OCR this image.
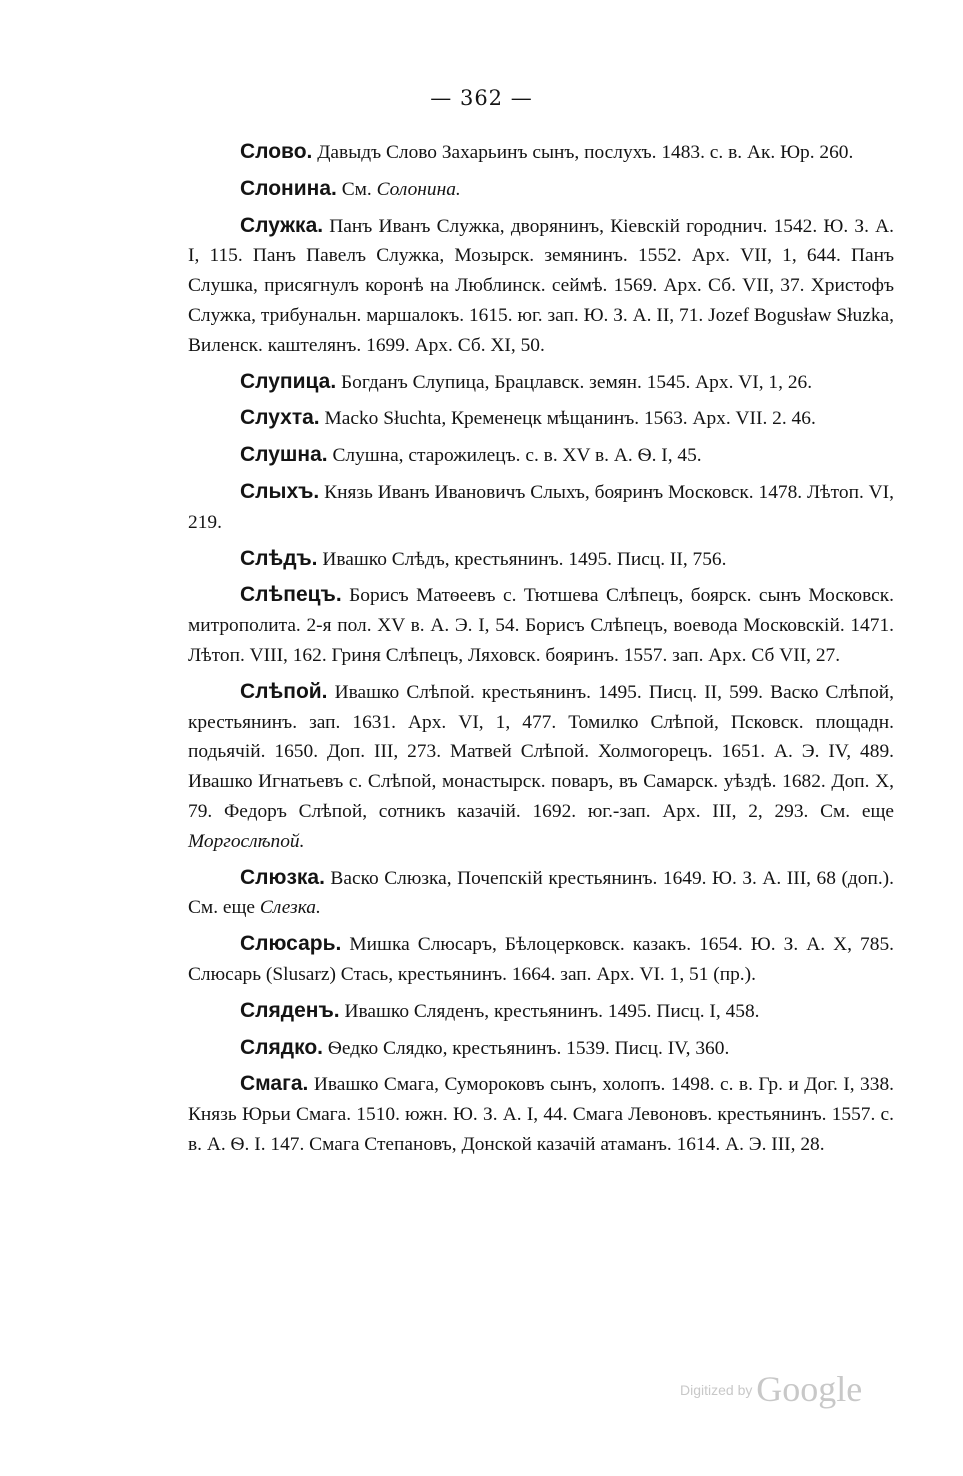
— 362 —

Слово. Давыдъ Слово Захарьинъ сынъ, послухъ. 1483. с. в. Ак. Юр. 260.

Слонина. См. Солонина.

Служка. Панъ Иванъ Служка, дворянинъ, Кіевскій городнич. 1542. Ю. З. А. I, 115. Панъ Павелъ Служка, Мозырск. земянинъ. 1552. Арх. VII, 1, 644. Панъ Слушка, присягнулъ коронѣ на Люблинск. сеймѣ. 1569. Арх. Сб. VII, 37. Христофъ Служка, трибунальн. маршалокъ. 1615. юг. зап. Ю. З. А. II, 71. Jozef Bogusław Słuzka, Виленск. каштелянъ. 1699. Арх. Сб. XI, 50.

Слупица. Богданъ Слупица, Брацлавск. земян. 1545. Арх. VI, 1, 26.

Слухта. Macko Słuchta, Кременецк мѣщанинъ. 1563. Арх. VII. 2. 46.

Слушна. Слушна, старожилецъ. с. в. XV в. А. Ѳ. I, 45.

Слыхъ. Князь Иванъ Ивановичъ Слыхъ, бояринъ Московск. 1478. Лѣтоп. VI, 219.

Слѣдъ. Ивашко Слѣдъ, крестьянинъ. 1495. Писц. II, 756.

Слѣпецъ. Борисъ Матѳеевъ с. Тютшева Слѣпецъ, боярск. сынъ Московск. митрополита. 2-я пол. XV в. А. Э. I, 54. Борисъ Слѣпецъ, воевода Московскій. 1471. Лѣтоп. VIII, 162. Гриня Слѣпецъ, Ляховск. бояринъ. 1557. зап. Арх. Сб VII, 27.

Слѣпой. Ивашко Слѣпой. крестьянинъ. 1495. Писц. II, 599. Васко Слѣпой, крестьянинъ. зап. 1631. Арх. VI, 1, 477. Томилко Слѣпой, Псковск. площадн. подьячій. 1650. Доп. III, 273. Матвей Слѣпой. Холмогорецъ. 1651. А. Э. IV, 489. Ивашко Игнатьевъ с. Слѣпой, монастырск. поваръ, въ Самарск. уѣздѣ. 1682. Доп. X, 79. Федоръ Слѣпой, сотникъ казачій. 1692. юг.-зап. Арх. III, 2, 293. См. еще Моргослѣпой.

Слюзка. Васко Слюзка, Почепскій крестьянинъ. 1649. Ю. З. А. III, 68 (доп.). См. еще Слезка.

Слюсарь. Мишка Слюсаръ, Бѣлоцерковск. казакъ. 1654. Ю. З. А. X, 785. Слюсарь (Slusarz) Стась, крестьянинъ. 1664. зап. Арх. VI. 1, 51 (пр.).

Сляденъ. Ивашко Сляденъ, крестьянинъ. 1495. Писц. I, 458.

Слядко. Ѳедко Слядко, крестьянинъ. 1539. Писц. IV, 360.

Смага. Ивашко Смага, Сумороковъ сынъ, холопъ. 1498. с. в. Гр. и Дог. I, 338. Князь Юрьи Смага. 1510. южн. Ю. З. А. I, 44. Смага Левоновъ. крестьянинъ. 1557. с. в. А. Ѳ. I. 147. Смага Степановъ, Донской казачій атаманъ. 1614. А. Э. III, 28.

Digitized by Google
